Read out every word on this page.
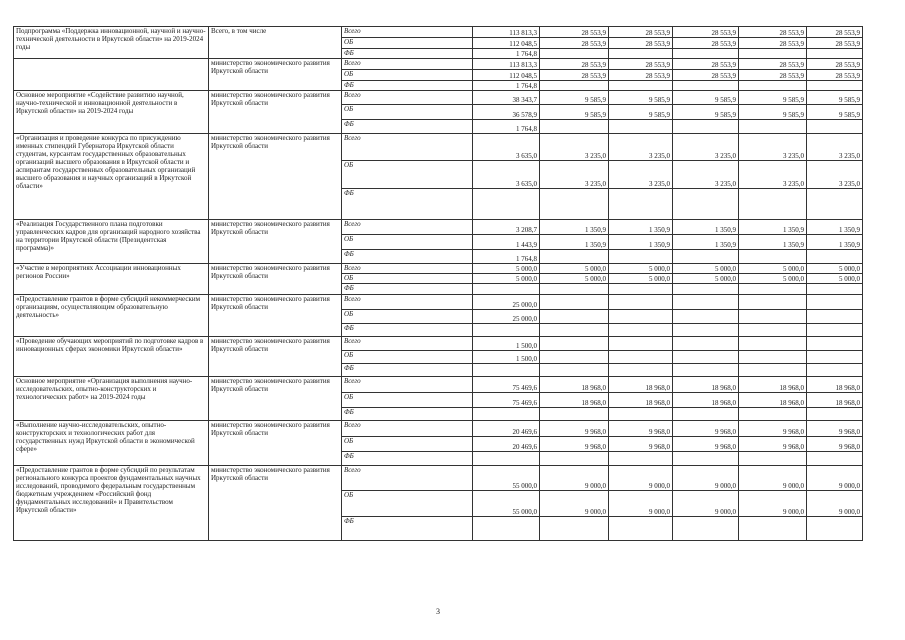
Подпрограмма «Поддержка инновационной, научной и научно-технической деятельности в Иркутской области» на 2019-2024 годы	Всего, в том числе	Всего	113 813,3	28 553,9	28 553,9	28 553,9	28 553,9	28 553,9
		ОБ	112 048,5	28 553,9	28 553,9	28 553,9	28 553,9	28 553,9
		ФБ	1 764,8					
	министерство экономического развития Иркутской области	Всего	113 813,3	28 553,9	28 553,9	28 553,9	28 553,9	28 553,9
		ОБ	112 048,5	28 553,9	28 553,9	28 553,9	28 553,9	28 553,9
		ФБ	1 764,8					
Основное мероприятие «Содействие развитию научной, научно-технической и инновационной деятельности в Иркутской области» на 2019-2024 годы	министерство экономического развития Иркутской области	Всего	38 343,7	9 585,9	9 585,9	9 585,9	9 585,9	9 585,9
		ОБ	36 578,9	9 585,9	9 585,9	9 585,9	9 585,9	9 585,9
		ФБ	1 764,8					
«Организация и проведение конкурса по присуждению именных стипендий Губернатора Иркутской области студентам, курсантам государственных образовательных организаций высшего образования в Иркутской области и аспирантам государственных образовательных организаций высшего образования и научных организаций в Иркутской области»	министерство экономического развития Иркутской области	Всего	3 635,0	3 235,0	3 235,0	3 235,0	3 235,0	3 235,0
		ОБ	3 635,0	3 235,0	3 235,0	3 235,0	3 235,0	3 235,0
		ФБ						
«Реализация Государственного плана подготовки управленческих кадров для организаций народного хозяйства на территории Иркутской области (Президентская программа)»	министерство экономического развития Иркутской области	Всего	3 208,7	1 350,9	1 350,9	1 350,9	1 350,9	1 350,9
		ОБ	1 443,9	1 350,9	1 350,9	1 350,9	1 350,9	1 350,9
		ФБ	1 764,8					
«Участие в мероприятиях Ассоциации инновационных регионов России»	министерство экономического развития Иркутской области	Всего	5 000,0	5 000,0	5 000,0	5 000,0	5 000,0	5 000,0
		ОБ	5 000,0	5 000,0	5 000,0	5 000,0	5 000,0	5 000,0
		ФБ						
«Предоставление грантов в форме субсидий некоммерческим организациям, осуществляющим образовательную деятельность»	министерство экономического развития Иркутской области	Всего	25 000,0					
		ОБ	25 000,0					
		ФБ						
«Проведение обучающих мероприятий по подготовке кадров в инновационных сферах экономики Иркутской области»	министерство экономического развития Иркутской области	Всего	1 500,0					
		ОБ	1 500,0					
		ФБ						
Основное мероприятие «Организация выполнения научно-исследовательских, опытно-конструкторских и технологических работ» на 2019-2024 годы	министерство экономического развития Иркутской области	Всего	75 469,6	18 968,0	18 968,0	18 968,0	18 968,0	18 968,0
		ОБ	75 469,6	18 968,0	18 968,0	18 968,0	18 968,0	18 968,0
		ФБ						
«Выполнение научно-исследовательских, опытно-конструкторских и технологических работ для государственных нужд Иркутской области в экономической сфере»	министерство экономического развития Иркутской области	Всего	20 469,6	9 968,0	9 968,0	9 968,0	9 968,0	9 968,0
		ОБ	20 469,6	9 968,0	9 968,0	9 968,0	9 968,0	9 968,0
		ФБ						
«Предоставление грантов в форме субсидий по результатам регионального конкурса проектов фундаментальных научных исследований, проводимого федеральным государственным бюджетным учреждением «Российский фонд фундаментальных исследований» и Правительством Иркутской области»	министерство экономического развития Иркутской области	Всего	55 000,0	9 000,0	9 000,0	9 000,0	9 000,0	9 000,0
		ОБ	55 000,0	9 000,0	9 000,0	9 000,0	9 000,0	9 000,0
		ФБ						
3
